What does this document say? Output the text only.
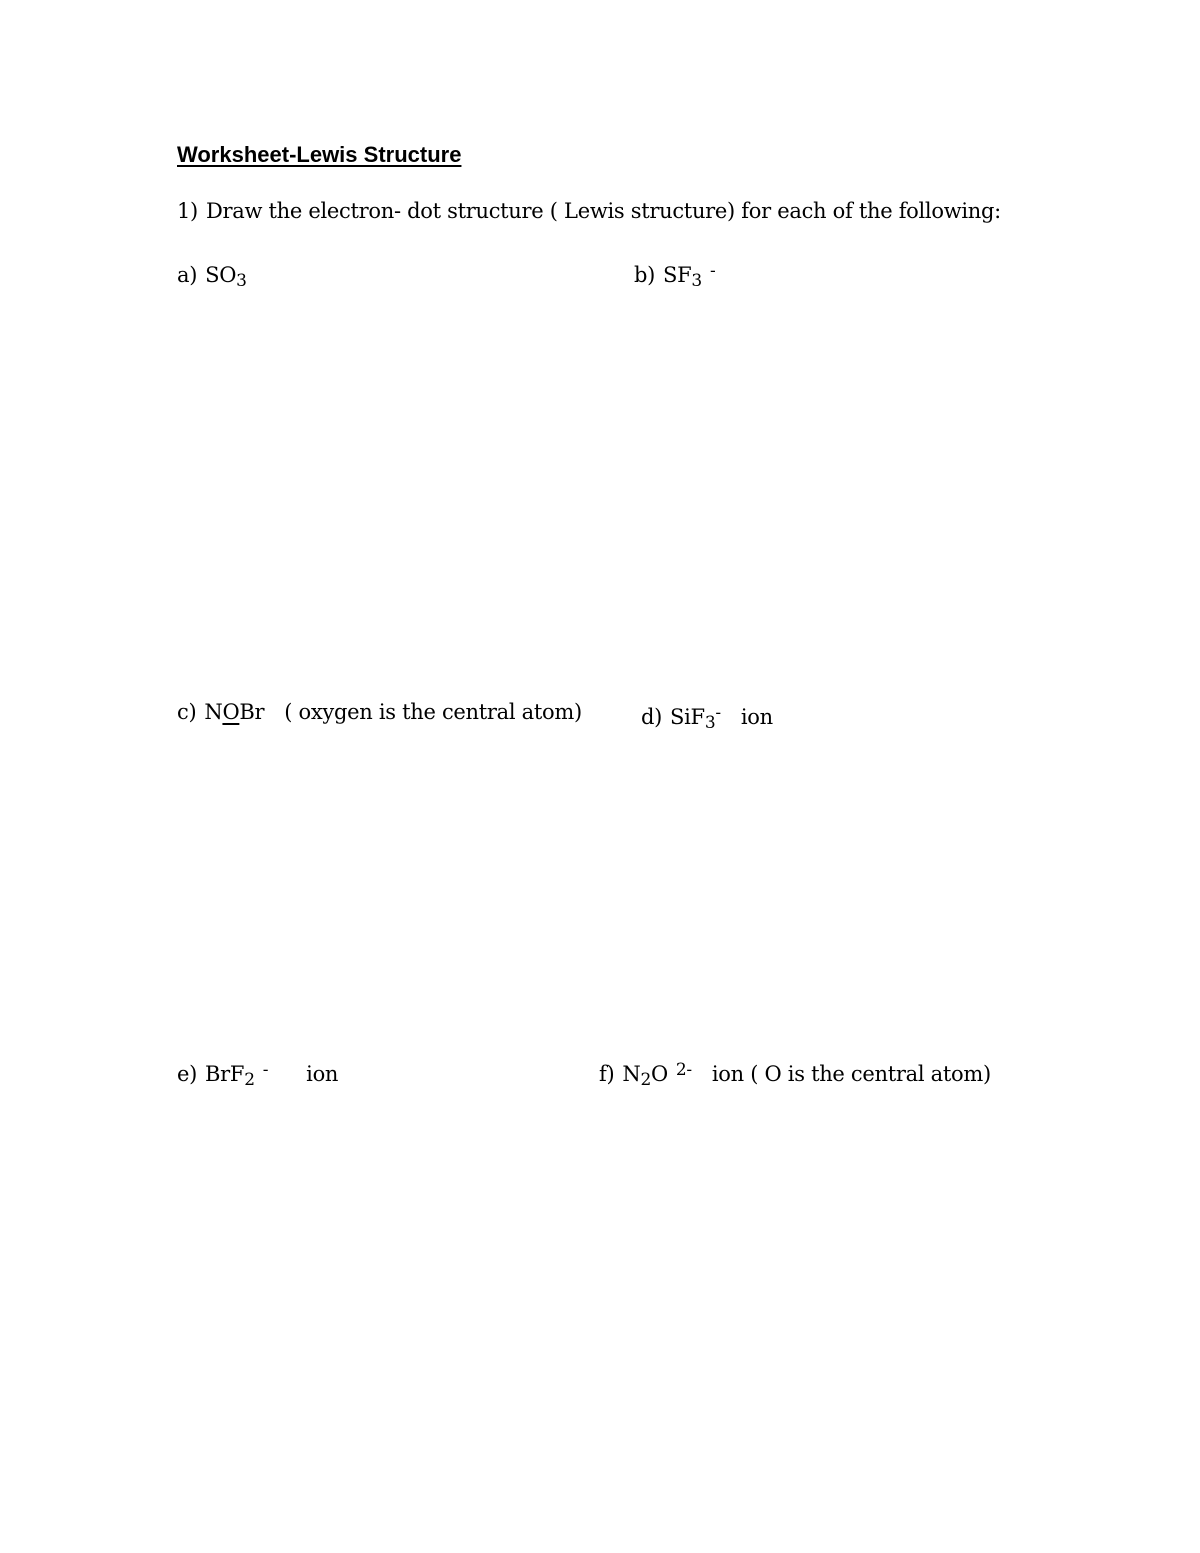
Worksheet-Lewis Structure
1) Draw the electron- dot structure ( Lewis structure) for each of the following:
a) SO3	b) SF3 -
c) NOBr ( oxygen is the central atom)	d) SiF3- ion
e) BrF2 - ion	f) N2O $^{2-}$ ion ( O is the central atom)
